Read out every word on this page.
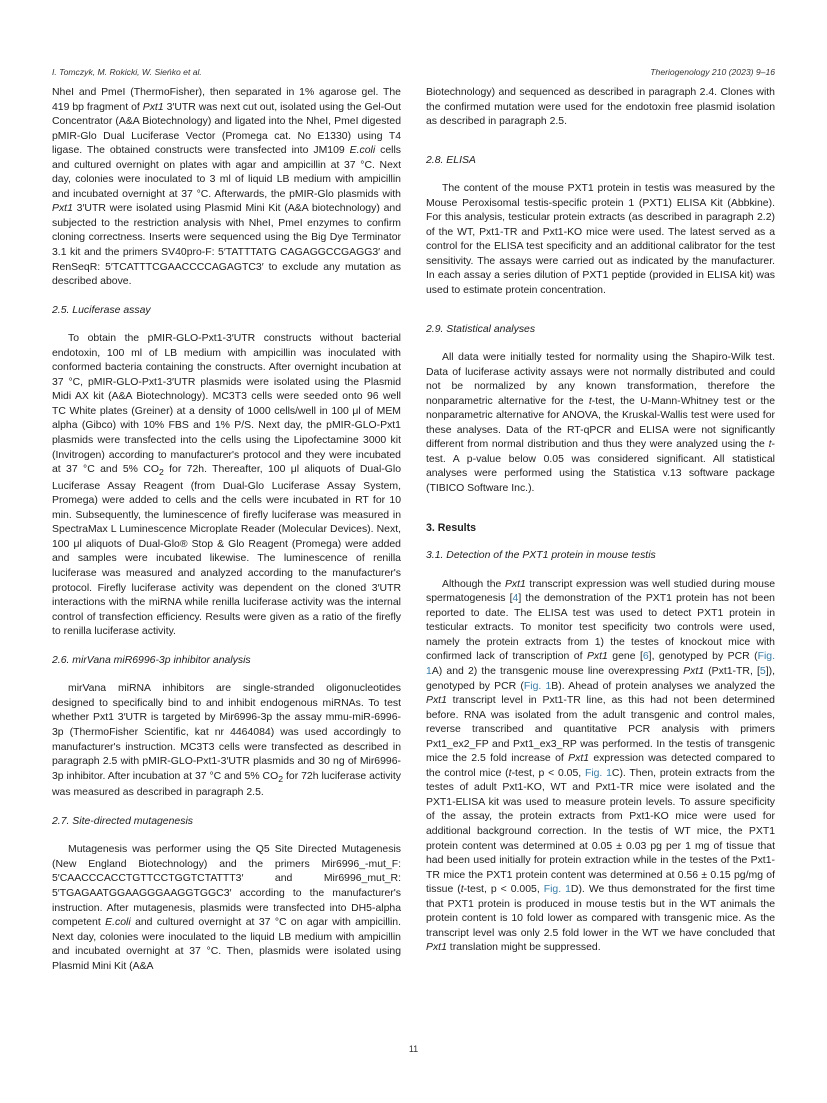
I. Tomczyk, M. Rokicki, W. Sieńko et al.	Theriogenology 210 (2023) 9–16

NheI and PmeI (ThermoFisher), then separated in 1% agarose gel. The 419 bp fragment of Pxt1 3′UTR was next cut out, isolated using the Gel-Out Concentrator (A&A Biotechnology) and ligated into the NheI, PmeI digested pMIR-Glo Dual Luciferase Vector (Promega cat. No E1330) using T4 ligase. The obtained constructs were transfected into JM109 E.coli cells and cultured overnight on plates with agar and ampicillin at 37 °C. Next day, colonies were inoculated to 3 ml of liquid LB medium with ampicillin and incubated overnight at 37 °C. Afterwards, the pMIR-Glo plasmids with Pxt1 3′UTR were isolated using Plasmid Mini Kit (A&A biotechnology) and subjected to the restriction analysis with NheI, PmeI enzymes to confirm cloning correctness. Inserts were sequenced using the Big Dye Terminator 3.1 kit and the primers SV40pro-F: 5′TATTTATG CAGAGGCCGAGG3′ and RenSeqR: 5′TCATTTCGAACCCCAGAGTC3′ to exclude any mutation as described above.

2.5. Luciferase assay

To obtain the pMIR-GLO-Pxt1-3′UTR constructs without bacterial endotoxin, 100 ml of LB medium with ampicillin was inoculated with conformed bacteria containing the constructs. After overnight incubation at 37 °C, pMIR-GLO-Pxt1-3′UTR plasmids were isolated using the Plasmid Midi AX kit (A&A Biotechnology). MC3T3 cells were seeded onto 96 well TC White plates (Greiner) at a density of 1000 cells/well in 100 μl of MEM alpha (Gibco) with 10% FBS and 1% P/S. Next day, the pMIR-GLO-Pxt1 plasmids were transfected into the cells using the Lipofectamine 3000 kit (Invitrogen) according to manufacturer's protocol and they were incubated at 37 °C and 5% $CO_2$ for 72h. Thereafter, 100 μl aliquots of Dual-Glo Luciferase Assay Reagent (from Dual-Glo Luciferase Assay System, Promega) were added to cells and the cells were incubated in RT for 10 min. Subsequently, the luminescence of firefly luciferase was measured in SpectraMax L Luminescence Microplate Reader (Molecular Devices). Next, 100 μl aliquots of Dual-Glo® Stop & Glo Reagent (Promega) were added and samples were incubated likewise. The luminescence of renilla luciferase was measured and analyzed according to the manufacturer's protocol. Firefly luciferase activity was dependent on the cloned 3′UTR interactions with the miRNA while renilla luciferase activity was the internal control of transfection efficiency. Results were given as a ratio of the firefly to renilla luciferase activity.

2.6. mirVana miR6996-3p inhibitor analysis

mirVana miRNA inhibitors are single-stranded oligonucleotides designed to specifically bind to and inhibit endogenous miRNAs. To test whether Pxt1 3′UTR is targeted by Mir6996-3p the assay mmu-miR-6996-3p (ThermoFisher Scientific, kat nr 4464084) was used accordingly to manufacturer's instruction. MC3T3 cells were transfected as described in paragraph 2.5 with pMIR-GLO-Pxt1-3′UTR plasmids and 30 ng of Mir6996-3p inhibitor. After incubation at 37 °C and 5% $CO_2$ for 72h luciferase activity was measured as described in paragraph 2.5.

2.7. Site-directed mutagenesis

Mutagenesis was performer using the Q5 Site Directed Mutagenesis (New England Biotechnology) and the primers Mir6996_-mut_F: 5′CAACCCACCTGTTCCTGGTCTATTT3′ and Mir6996_mut_R: 5′TGAGAATGGAAGGGAAGGTGGC3′ according to the manufacturer's instruction. After mutagenesis, plasmids were transfected into DH5-alpha competent E.coli and cultured overnight at 37 °C on agar with ampicillin. Next day, colonies were inoculated to the liquid LB medium with ampicillin and incubated overnight at 37 °C. Then, plasmids were isolated using Plasmid Mini Kit (A&A

Biotechnology) and sequenced as described in paragraph 2.4. Clones with the confirmed mutation were used for the endotoxin free plasmid isolation as described in paragraph 2.5.

2.8. ELISA

The content of the mouse PXT1 protein in testis was measured by the Mouse Peroxisomal testis-specific protein 1 (PXT1) ELISA Kit (Abbkine). For this analysis, testicular protein extracts (as described in paragraph 2.2) of the WT, Pxt1-TR and Pxt1-KO mice were used. The latest served as a control for the ELISA test specificity and an additional calibrator for the test sensitivity. The assays were carried out as indicated by the manufacturer. In each assay a series dilution of PXT1 peptide (provided in ELISA kit) was used to estimate protein concentration.

2.9. Statistical analyses

All data were initially tested for normality using the Shapiro-Wilk test. Data of luciferase activity assays were not normally distributed and could not be normalized by any known transformation, therefore the nonparametric alternative for the t-test, the U-Mann-Whitney test or the nonparametric alternative for ANOVA, the Kruskal-Wallis test were used for these analyses. Data of the RT-qPCR and ELISA were not significantly different from normal distribution and thus they were analyzed using the t-test. A p-value below 0.05 was considered significant. All statistical analyses were performed using the Statistica v.13 software package (TIBICO Software Inc.).

3. Results
3.1. Detection of the PXT1 protein in mouse testis

Although the Pxt1 transcript expression was well studied during mouse spermatogenesis [4] the demonstration of the PXT1 protein has not been reported to date. The ELISA test was used to detect PXT1 protein in testicular extracts. To monitor test specificity two controls were used, namely the protein extracts from 1) the testes of knockout mice with confirmed lack of transcription of Pxt1 gene [6], genotyped by PCR (Fig. 1A) and 2) the transgenic mouse line overexpressing Pxt1 (Pxt1-TR, [5]), genotyped by PCR (Fig. 1B). Ahead of protein analyses we analyzed the Pxt1 transcript level in Pxt1-TR line, as this had not been determined before. RNA was isolated from the adult transgenic and control males, reverse transcribed and quantitative PCR analysis with primers Pxt1_ex2_FP and Pxt1_ex3_RP was performed. In the testis of transgenic mice the 2.5 fold increase of Pxt1 expression was detected compared to the control mice (t-test, p < 0.05, Fig. 1C). Then, protein extracts from the testes of adult Pxt1-KO, WT and Pxt1-TR mice were isolated and the PXT1-ELISA kit was used to measure protein levels. To assure specificity of the assay, the protein extracts from Pxt1-KO mice were used for additional background correction. In the testis of WT mice, the PXT1 protein content was determined at 0.05 ± 0.03 pg per 1 mg of tissue that had been used initially for protein extraction while in the testes of the Pxt1-TR mice the PXT1 protein content was determined at 0.56 ± 0.15 pg/mg of tissue (t-test, p < 0.005, Fig. 1D). We thus demonstrated for the first time that PXT1 protein is produced in mouse testis but in the WT animals the protein content is 10 fold lower as compared with transgenic mice. As the transcript level was only 2.5 fold lower in the WT we have concluded that Pxt1 translation might be suppressed.

11
